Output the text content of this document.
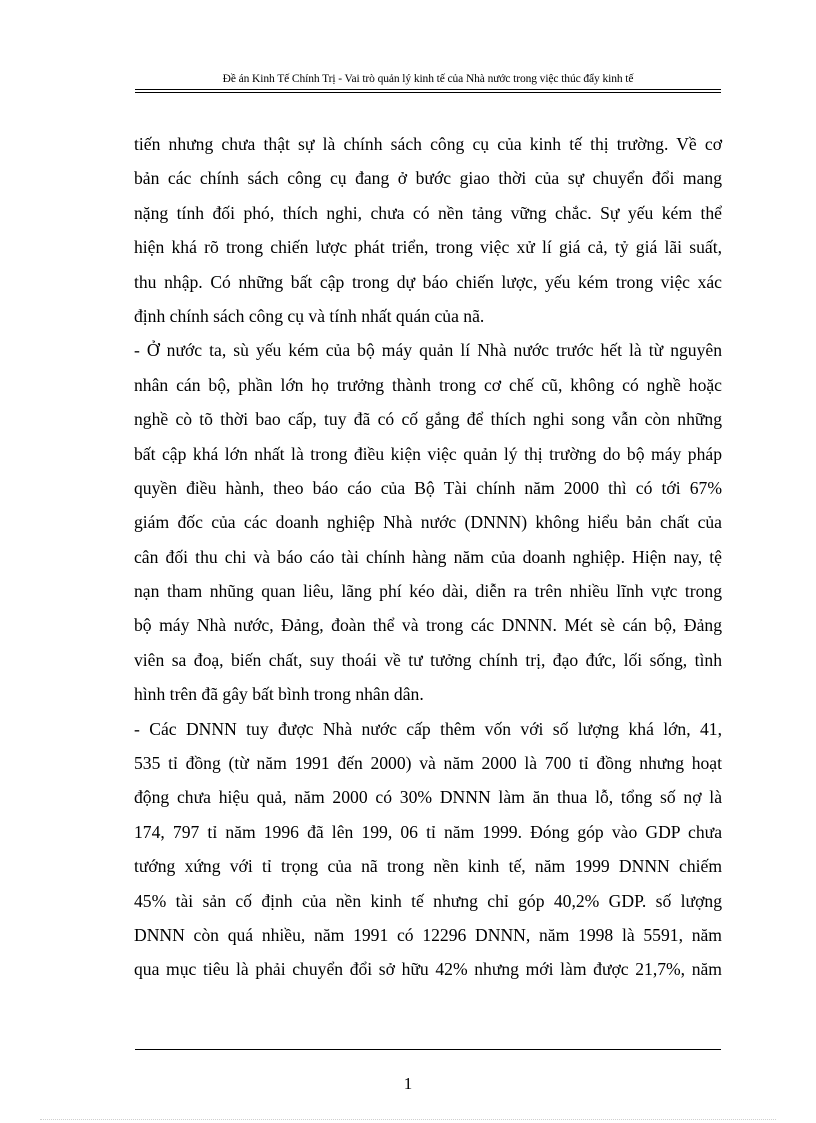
Đề án Kinh Tế Chính Trị - Vai trò quản lý kinh tế của Nhà nước trong việc thúc đẩy kinh tế
tiến nhưng chưa thật sự là chính sách công cụ của kinh tế thị trường. Về cơ
bản các chính sách công cụ đang ở bước giao thời của sự chuyển đổi mang
nặng tính đối phó, thích nghi, chưa có nền tảng vững chắc. Sự yếu kém thể
hiện khá rõ trong chiến lược phát triển, trong việc xử lí giá cả, tỷ giá lãi suất,
thu nhập. Có những bất cập trong dự báo chiến lược, yếu kém trong việc xác
định chính sách công cụ và tính nhất quán của nã.
- Ở nước ta, sù yếu kém của bộ máy quản lí Nhà nước trước hết là từ nguyên
nhân cán bộ, phần lớn họ trưởng thành trong cơ chế cũ, không có nghề hoặc
nghề cò tõ thời bao cấp, tuy đã có cố gắng để thích nghi song vẫn còn những
bất cập khá lớn nhất là trong điều kiện việc quản lý thị trường do bộ máy pháp
quyền điều hành, theo báo cáo của Bộ Tài chính năm 2000 thì có tới 67%
giám đốc của các doanh nghiệp Nhà nước (DNNN) không hiểu bản chất của
cân đối thu chi và báo cáo tài chính hàng năm của doanh nghiệp. Hiện nay, tệ
nạn tham nhũng quan liêu, lãng phí kéo dài, diễn ra trên nhiều lĩnh vực trong
bộ máy Nhà nước, Đảng, đoàn thể và trong các DNNN. Mét sè cán bộ, Đảng
viên sa đoạ, biến chất, suy thoái về tư tưởng chính trị, đạo đức, lối sống, tình
hình trên đã gây bất bình trong nhân dân.
- Các DNNN tuy được Nhà nước cấp thêm vốn với số lượng khá lớn, 41,
535 tỉ đồng (từ năm 1991 đến 2000) và năm 2000 là 700 tỉ đồng nhưng hoạt
động chưa hiệu quả, năm 2000 có 30% DNNN làm ăn thua lỗ, tổng số nợ là
174, 797 tỉ năm 1996 đã lên 199, 06 tỉ năm 1999. Đóng góp vào GDP chưa
tướng xứng với tỉ trọng của nã trong nền kinh tế, năm 1999 DNNN chiếm
45% tài sản cố định của nền kinh tế nhưng chỉ góp 40,2% GDP. số lượng
DNNN còn quá nhiều, năm 1991 có 12296 DNNN, năm 1998 là 5591, năm
qua mục tiêu là phải chuyển đổi sở hữu 42% nhưng mới làm được 21,7%, năm
1
